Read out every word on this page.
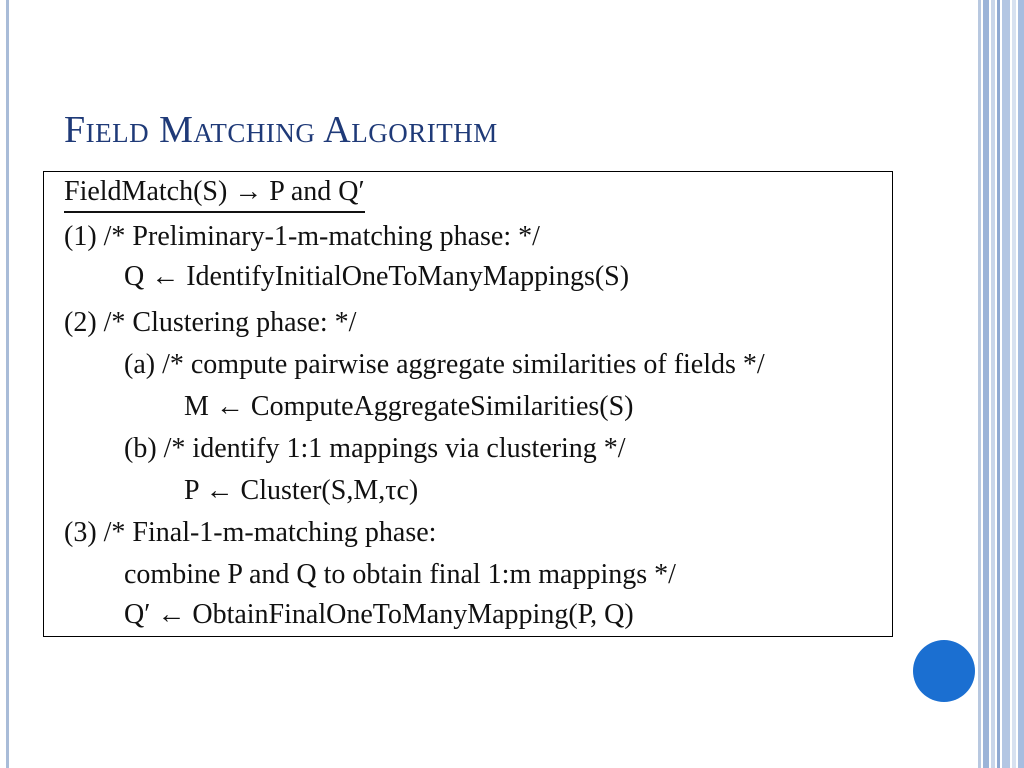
Field Matching Algorithm
FieldMatch(S) → P and Q′
(1) /* Preliminary-1-m-matching phase: */
Q ← IdentifyInitialOneToManyMappings(S)
(2) /* Clustering phase: */
(a) /* compute pairwise aggregate similarities of fields */
M ← ComputeAggregateSimilarities(S)
(b) /* identify 1:1 mappings via clustering */
P ← Cluster(S,M,τc)
(3) /* Final-1-m-matching phase:
combine P and Q to obtain final 1:m mappings */
Q′ ← ObtainFinalOneToManyMapping(P, Q)
